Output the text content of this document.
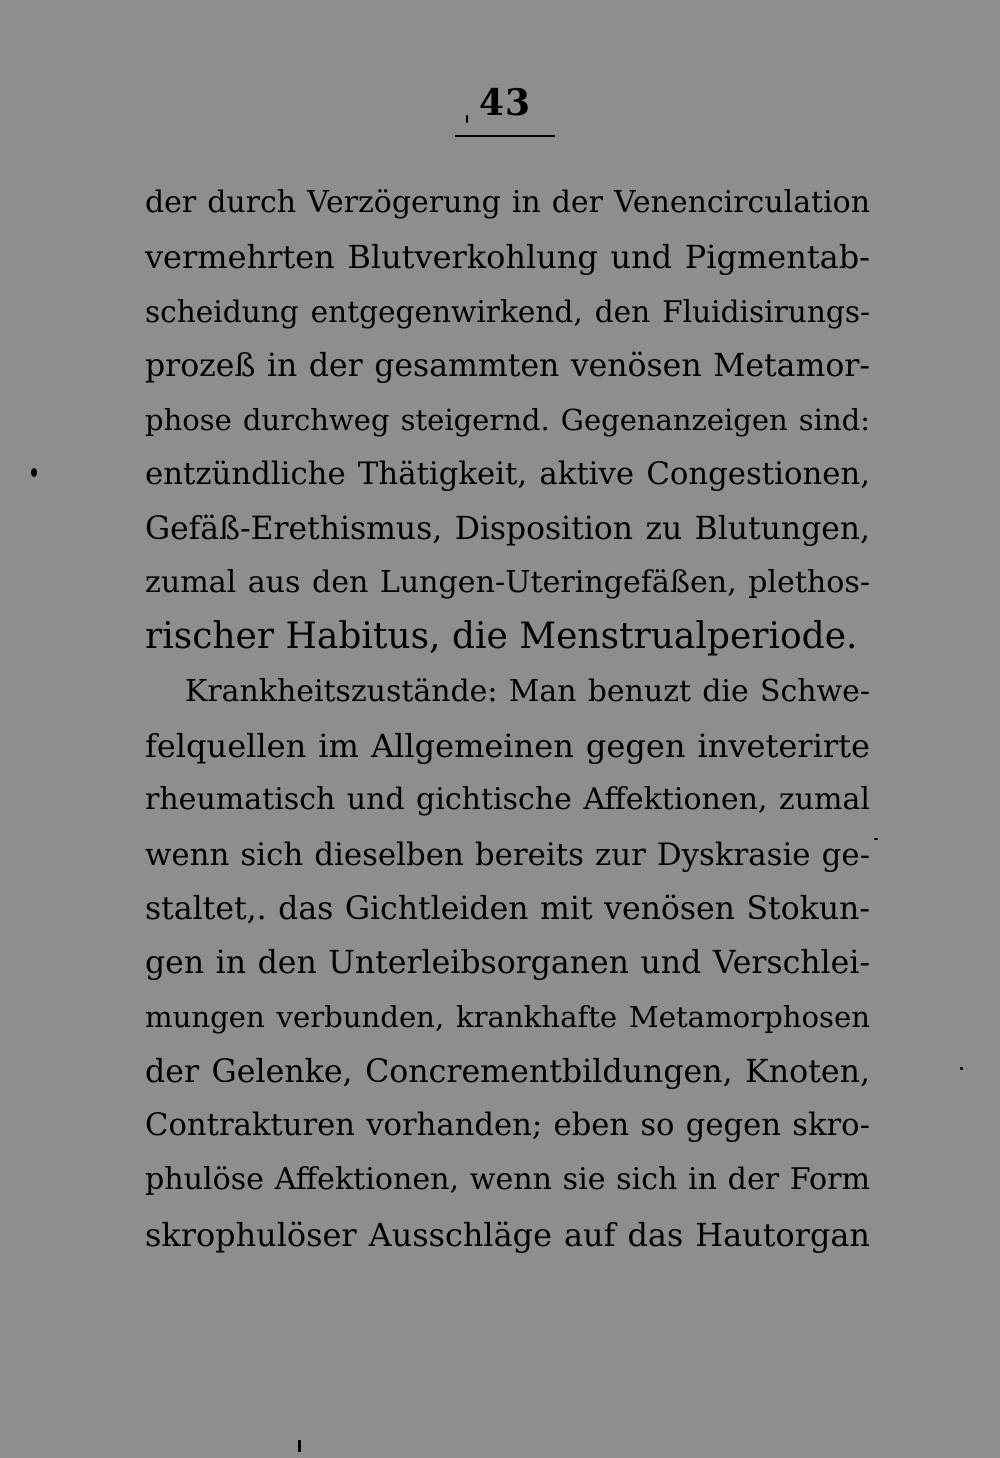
43
der durch Verzögerung in der Venencirculation
vermehrten Blutverkohlung und Pigmentab-
scheidung entgegenwirkend, den Fluidisirungs-
prozeß in der gesammten venösen Metamor-
phose durchweg steigernd. Gegenanzeigen sind:
entzündliche Thätigkeit, aktive Congestionen,
Gefäß-Erethismus, Disposition zu Blutungen,
zumal aus den Lungen-Uteringefäßen, plethos-
rischer Habitus, die Menstrualperiode.
Krankheitszustände: Man benuzt die Schwe-
felquellen im Allgemeinen gegen inveterirte
rheumatisch und gichtische Affektionen, zumal
wenn sich dieselben bereits zur Dyskrasie ge-
staltet,. das Gichtleiden mit venösen Stokun-
gen in den Unterleibsorganen und Verschlei-
mungen verbunden, krankhafte Metamorphosen
der Gelenke, Concrementbildungen, Knoten,
Contrakturen vorhanden; eben so gegen skro-
phulöse Affektionen, wenn sie sich in der Form
skrophulöser Ausschläge auf das Hautorgan
